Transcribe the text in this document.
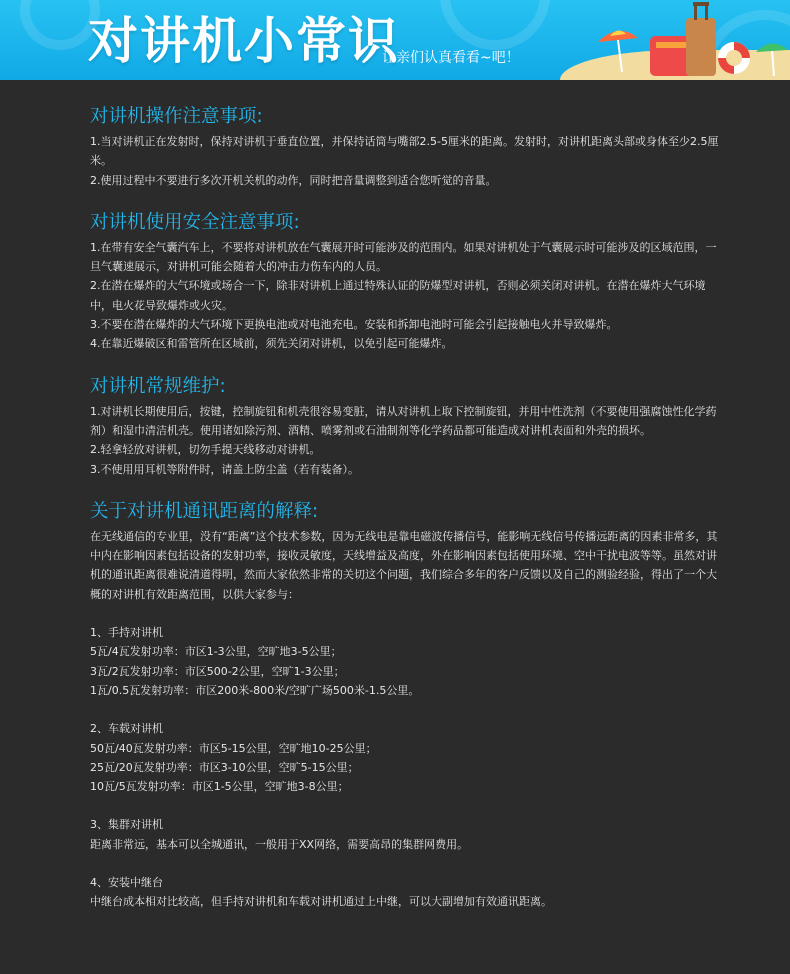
对讲机小常识
让亲们认真看看~吧！
对讲机操作注意事项:

1.当对讲机正在发射时，保持对讲机于垂直位置，并保持话筒与嘴部2.5-5厘米的距离。发射时，对讲机距离头部或身体至少2.5厘米。

2.使用过程中不要进行多次开机关机的动作，同时把音量调整到适合您听觉的音量。

对讲机使用安全注意事项:

1.在带有安全气囊汽车上，不要将对讲机放在气囊展开时可能涉及的范围内。如果对讲机处于气囊展示时可能涉及的区域范围，一旦气囊速展示，对讲机可能会随着大的冲击力伤车内的人员。

2.在潜在爆炸的大气环境或场合一下，除非对讲机上通过特殊认证的防爆型对讲机，否则必须关闭对讲机。在潜在爆炸大气环境中，电火花导致爆炸或火灾。

3.不要在潜在爆炸的大气环境下更换电池或对电池充电。安装和拆卸电池时可能会引起接触电火并导致爆炸。

4.在靠近爆破区和雷管所在区域前，须先关闭对讲机，以免引起可能爆炸。

对讲机常规维护:

1.对讲机长期使用后，按键，控制旋钮和机壳很容易变脏，请从对讲机上取下控制旋钮，并用中性洗剂（不要使用强腐蚀性化学药剂）和湿巾清洁机壳。使用诸如除污剂、酒精、喷雾剂或石油制剂等化学药品都可能造成对讲机表面和外壳的损坏。

2.轻拿轻放对讲机，切勿手提天线移动对讲机。

3.不使用用耳机等附件时，请盖上防尘盖（若有装备）。

关于对讲机通讯距离的解释:

在无线通信的专业里，没有“距离”这个技术参数，因为无线电是靠电磁波传播信号，能影响无线信号传播远距离的因素非常多，其中内在影响因素包括设备的发射功率，接收灵敏度，天线增益及高度，外在影响因素包括使用环境、空中干扰电波等等。虽然对讲机的通讯距离很难说清道得明，然而大家依然非常的关切这个问题，我们综合多年的客户反馈以及自己的测验经验，得出了一个大概的对讲机有效距离范围，以供大家参与：

1、手持对讲机

5瓦/4瓦发射功率：市区1-3公里，空旷地3-5公里；

3瓦/2瓦发射功率：市区500-2公里，空旷1-3公里；

1瓦/0.5瓦发射功率：市区200米-800米/空旷广场500米-1.5公里。

2、车载对讲机

50瓦/40瓦发射功率：市区5-15公里，空旷地10-25公里；

25瓦/20瓦发射功率：市区3-10公里，空旷5-15公里；

10瓦/5瓦发射功率：市区1-5公里，空旷地3-8公里；

3、集群对讲机

距离非常远，基本可以全城通讯，一般用于XX网络，需要高昂的集群网费用。

4、安装中继台

中继台成本相对比较高，但手持对讲机和车载对讲机通过上中继，可以大副增加有效通讯距离。
